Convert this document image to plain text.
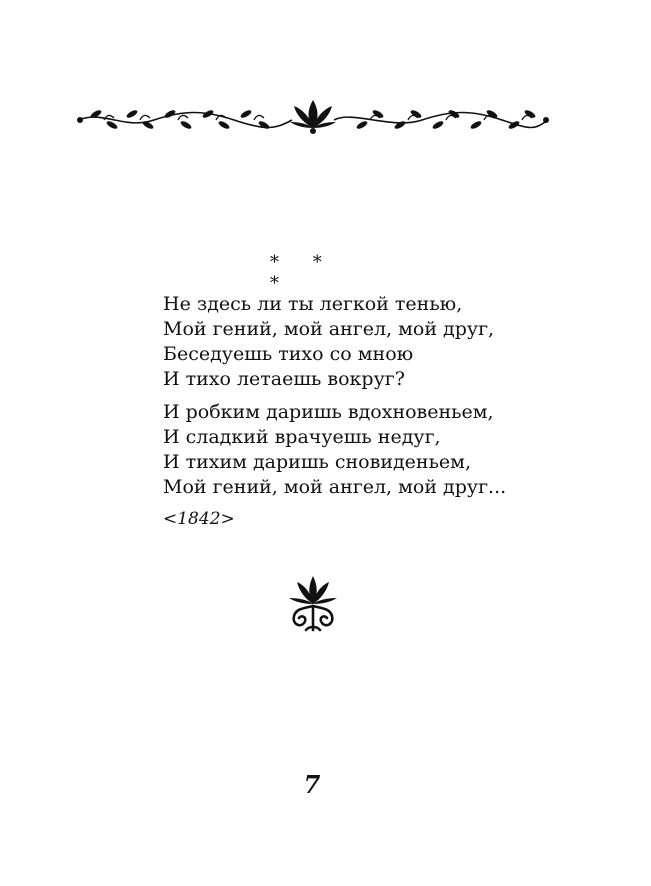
* * *
Не здесь ли ты легкой тенью,
Мой гений, мой ангел, мой друг,
Беседуешь тихо со мною
И тихо летаешь вокруг?
И робким даришь вдохновеньем,
И сладкий врачуешь недуг,
И тихим даришь сновиденьем,
Мой гений, мой ангел, мой друг...
<1842>
7
